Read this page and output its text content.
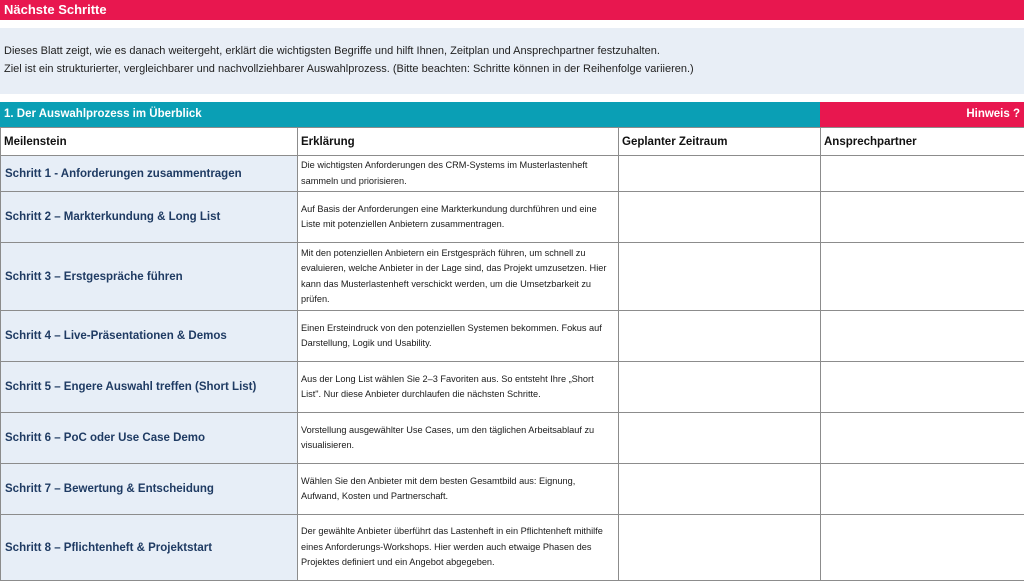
Nächste Schritte
Dieses Blatt zeigt, wie es danach weitergeht, erklärt die wichtigsten Begriffe und hilft Ihnen, Zeitplan und Ansprechpartner festzuhalten.
Ziel ist ein strukturierter, vergleichbarer und nachvollziehbarer Auswahlprozess. (Bitte beachten: Schritte können in der Reihenfolge variieren.)
1. Der Auswahlprozess im Überblick	Hinweis ?
Meilenstein	Erklärung	Geplanter Zeitraum	Ansprechpartner
Schritt 1 - Anforderungen zusammentragen	Die wichtigsten Anforderungen des CRM-Systems im Musterlastenheft sammeln und priorisieren.		
Schritt 2 – Markterkundung & Long List	Auf Basis der Anforderungen eine Markterkundung durchführen und eine Liste mit potenziellen Anbietern zusammentragen.		
Schritt 3 – Erstgespräche führen	Mit den potenziellen Anbietern ein Erstgespräch führen, um schnell zu evaluieren, welche Anbieter in der Lage sind, das Projekt umzusetzen. Hier kann das Musterlastenheft verschickt werden, um die Umsetzbarkeit zu prüfen.		
Schritt 4 – Live-Präsentationen & Demos	Einen Ersteindruck von den potenziellen Systemen bekommen. Fokus auf Darstellung, Logik und Usability.		
Schritt 5 – Engere Auswahl treffen (Short List)	Aus der Long List wählen Sie 2–3 Favoriten aus. So entsteht Ihre „Short List". Nur diese Anbieter durchlaufen die nächsten Schritte.		
Schritt 6 – PoC oder Use Case Demo	Vorstellung ausgewählter Use Cases, um den täglichen Arbeitsablauf zu visualisieren.		
Schritt 7 – Bewertung & Entscheidung	Wählen Sie den Anbieter mit dem besten Gesamtbild aus: Eignung, Aufwand, Kosten und Partnerschaft.		
Schritt 8 – Pflichtenheft & Projektstart	Der gewählte Anbieter überführt das Lastenheft in ein Pflichtenheft mithilfe eines Anforderungs-Workshops. Hier werden auch etwaige Phasen des Projektes definiert und ein Angebot abgegeben.		
